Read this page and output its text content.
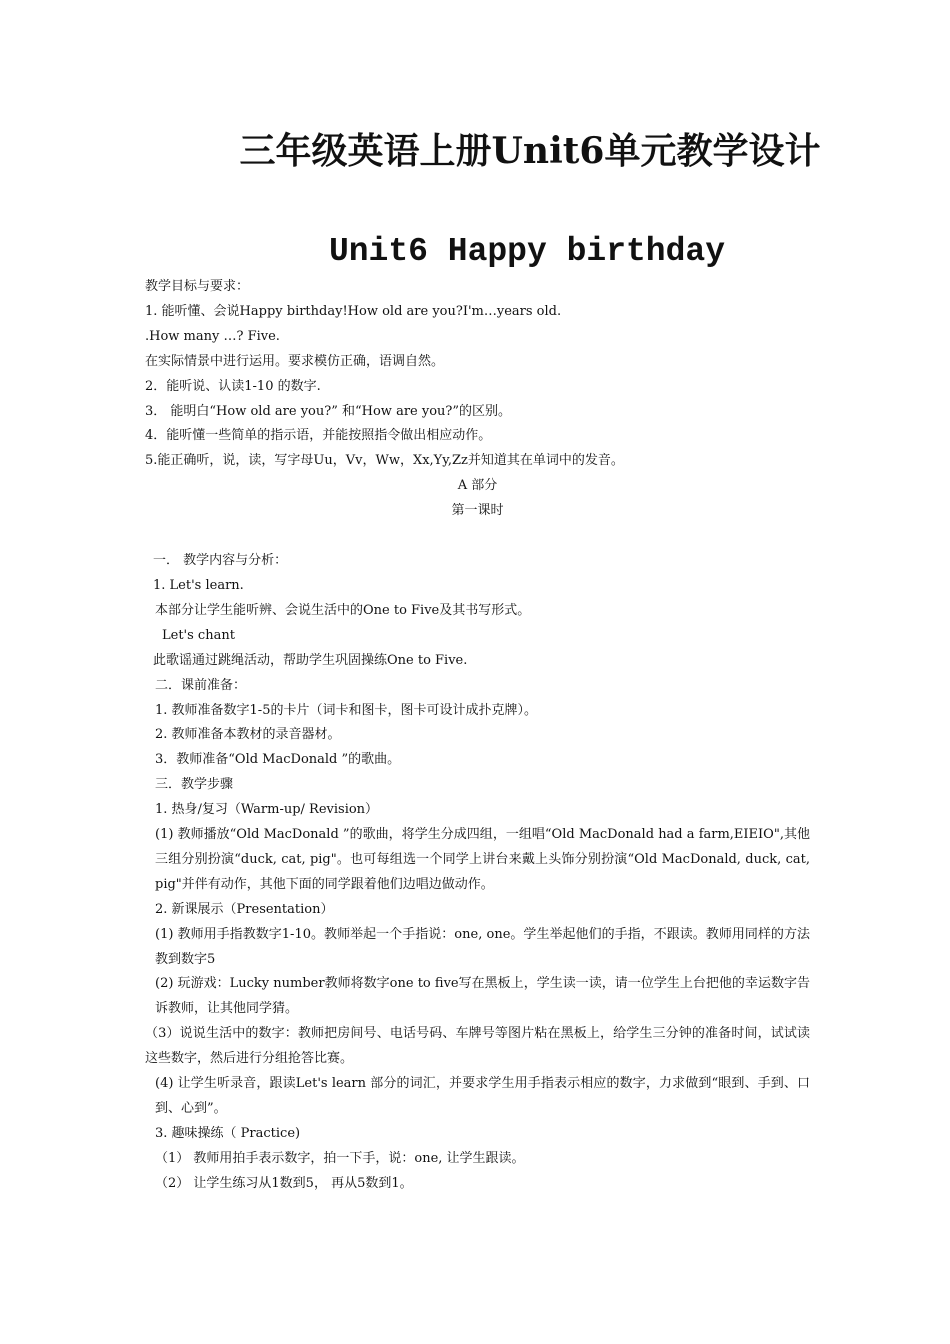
三年级英语上册Unit6单元教学设计
Unit6 Happy birthday
教学目标与要求：
1. 能听懂、会说Happy birthday!How old are you?I'm…years old.
.How many …? Five.
在实际情景中进行运用。要求模仿正确，语调自然。
2．能听说、认读1-10 的数字.
3． 能明白“How old are you?” 和“How are you?”的区别。
4．能听懂一些简单的指示语，并能按照指令做出相应动作。
5.能正确听，说，读，写字母Uu，Vv，Ww，Xx,Yy,Zz并知道其在单词中的发音。
A 部分
第一课时
一． 教学内容与分析：
1. Let's learn.
本部分让学生能听辨、会说生活中的One to Five及其书写形式。
Let's chant
此歌谣通过跳绳活动，帮助学生巩固操练One to Five.
二．课前准备：
1. 教师准备数字1-5的卡片（词卡和图卡，图卡可设计成扑克牌）。
2. 教师准备本教材的录音器材。
3．教师准备“Old MacDonald ”的歌曲。
三．教学步骤
1. 热身/复习（Warm-up/ Revision）
(1) 教师播放“Old MacDonald ”的歌曲，将学生分成四组，一组唱“Old MacDonald had a farm,EIEIO",其他三组分别扮演“duck, cat, pig"。也可每组选一个同学上讲台来戴上头饰分别扮演“Old MacDonald, duck, cat, pig"并伴有动作，其他下面的同学跟着他们边唱边做动作。
2. 新课展示（Presentation）
(1) 教师用手指教数字1-10。教师举起一个手指说：one, one。学生举起他们的手指，不跟读。教师用同样的方法教到数字5
(2) 玩游戏：Lucky number教师将数字one to five写在黑板上，学生读一读，请一位学生上台把他的幸运数字告诉教师，让其他同学猜。
（3）说说生活中的数字：教师把房间号、电话号码、车牌号等图片粘在黑板上，给学生三分钟的准备时间，试试读这些数字，然后进行分组抢答比赛。
(4) 让学生听录音，跟读Let's learn 部分的词汇，并要求学生用手指表示相应的数字，力求做到“眼到、手到、口到、心到”。
3. 趣味操练（ Practice)
（1） 教师用拍手表示数字，拍一下手，说：one, 让学生跟读。
（2） 让学生练习从1数到5， 再从5数到1。
